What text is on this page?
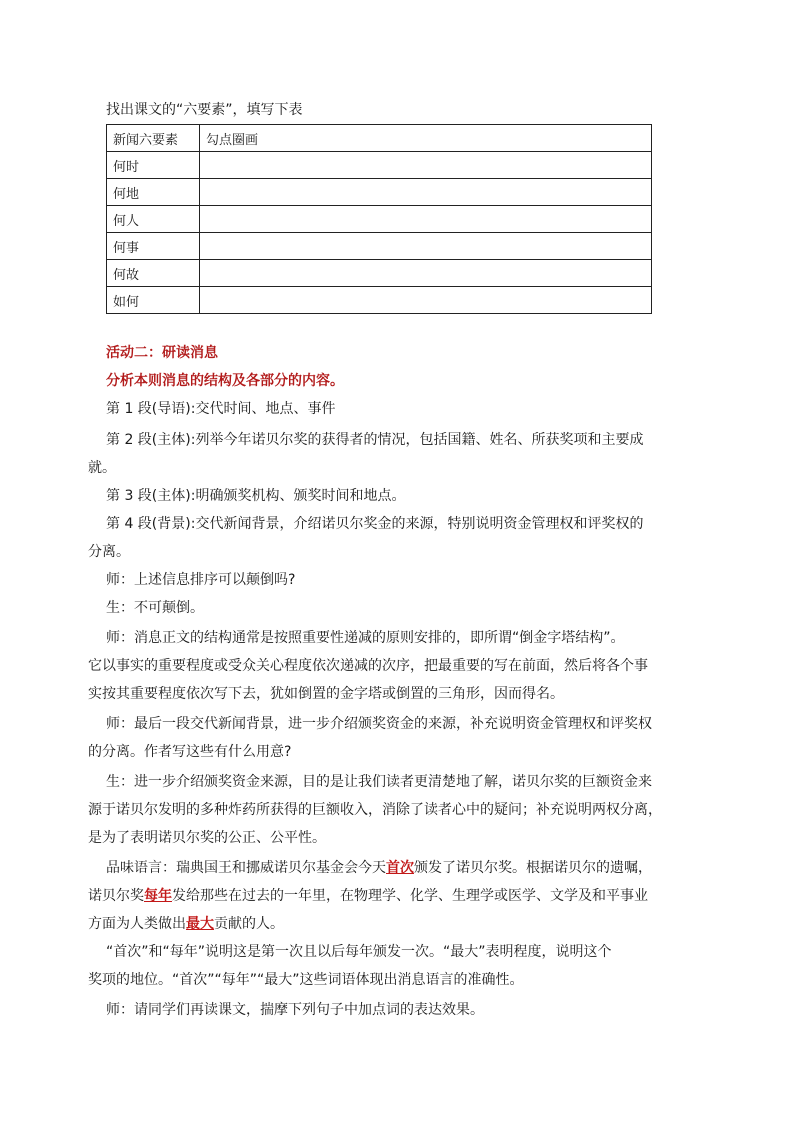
找出课文的“六要素”，填写下表
新闻六要素	勾点圈画
何时	
何地	
何人	
何事	
何故	
如何	
活动二：研读消息
分析本则消息的结构及各部分的内容。
第 1 段(导语):交代时间、地点、事件
第 2 段(主体):列举今年诺贝尔奖的获得者的情况，包括国籍、姓名、所获奖项和主要成
就。
第 3 段(主体):明确颁奖机构、颁奖时间和地点。
第 4 段(背景):交代新闻背景，介绍诺贝尔奖金的来源，特别说明资金管理权和评奖权的
分离。
师：上述信息排序可以颠倒吗?
生：不可颠倒。
师：消息正文的结构通常是按照重要性递减的原则安排的，即所谓“倒金字塔结构”。
它以事实的重要程度或受众关心程度依次递减的次序，把最重要的写在前面，然后将各个事
实按其重要程度依次写下去，犹如倒置的金字塔或倒置的三角形，因而得名。
师：最后一段交代新闻背景，进一步介绍颁奖资金的来源，补充说明资金管理权和评奖权
的分离。作者写这些有什么用意?
生：进一步介绍颁奖资金来源，目的是让我们读者更清楚地了解，诺贝尔奖的巨额资金来
源于诺贝尔发明的多种炸药所获得的巨额收入，消除了读者心中的疑问；补充说明两权分离，
是为了表明诺贝尔奖的公正、公平性。
品味语言：瑞典国王和挪威诺贝尔基金会今天首次颁发了诺贝尔奖。根据诺贝尔的遗嘱，
诺贝尔奖每年发给那些在过去的一年里，在物理学、化学、生理学或医学、文学及和平事业
方面为人类做出最大贡献的人。
“首次”和“每年”说明这是第一次且以后每年颁发一次。“最大”表明程度，说明这个
奖项的地位。“首次”“每年”“最大”这些词语体现出消息语言的准确性。
师：请同学们再读课文，揣摩下列句子中加点词的表达效果。
